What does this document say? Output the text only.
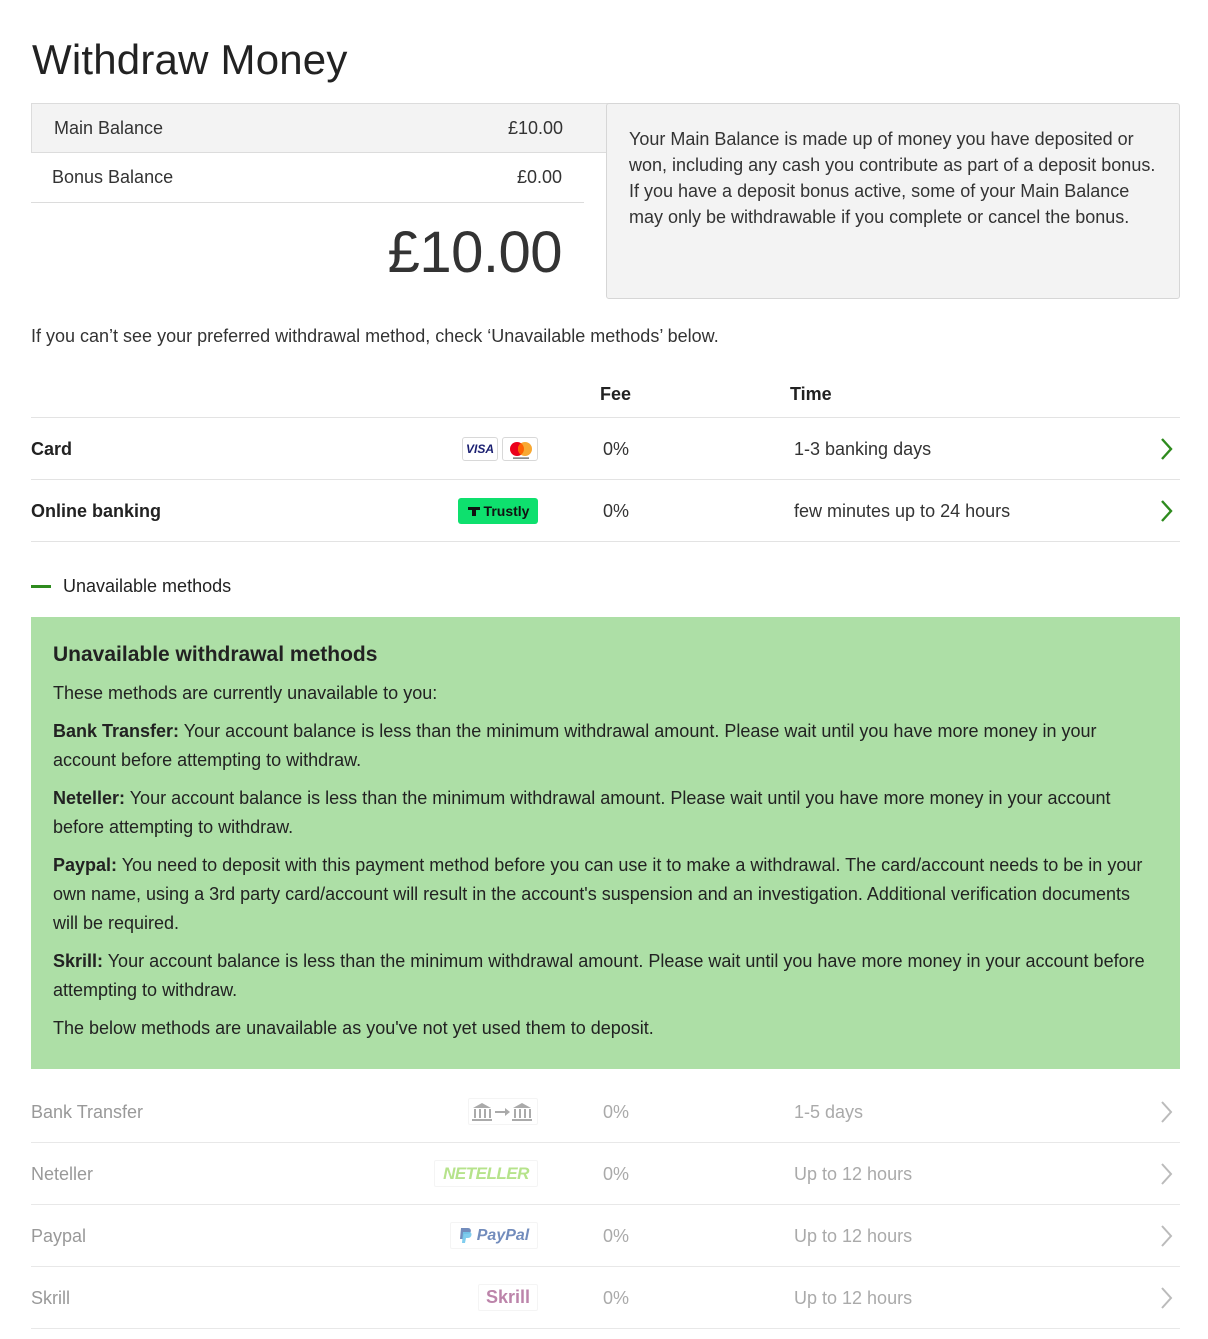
Withdraw Money
Main Balance	£10.00
Bonus Balance	£0.00
£10.00
Your Main Balance is made up of money you have deposited or won, including any cash you contribute as part of a deposit bonus. If you have a deposit bonus active, some of your Main Balance may only be withdrawable if you complete or cancel the bonus.
If you can’t see your preferred withdrawal method, check ‘Unavailable methods’ below.
Fee	Time
Card	VISA	0%	1-3 banking days
Online banking	Trustly	0%	few minutes up to 24 hours
Unavailable methods
Unavailable withdrawal methods

These methods are currently unavailable to you:

Bank Transfer: Your account balance is less than the minimum withdrawal amount. Please wait until you have more money in your account before attempting to withdraw.

Neteller: Your account balance is less than the minimum withdrawal amount. Please wait until you have more money in your account before attempting to withdraw.

Paypal: You need to deposit with this payment method before you can use it to make a withdrawal. The card/account needs to be in your own name, using a 3rd party card/account will result in the account's suspension and an investigation. Additional verification documents will be required.

Skrill: Your account balance is less than the minimum withdrawal amount. Please wait until you have more money in your account before attempting to withdraw.

The below methods are unavailable as you've not yet used them to deposit.

Bank Transfer	0%	1-5 days
Neteller	NETELLER	0%	Up to 12 hours
Paypal	PayPal	0%	Up to 12 hours
Skrill	Skrill	0%	Up to 12 hours
